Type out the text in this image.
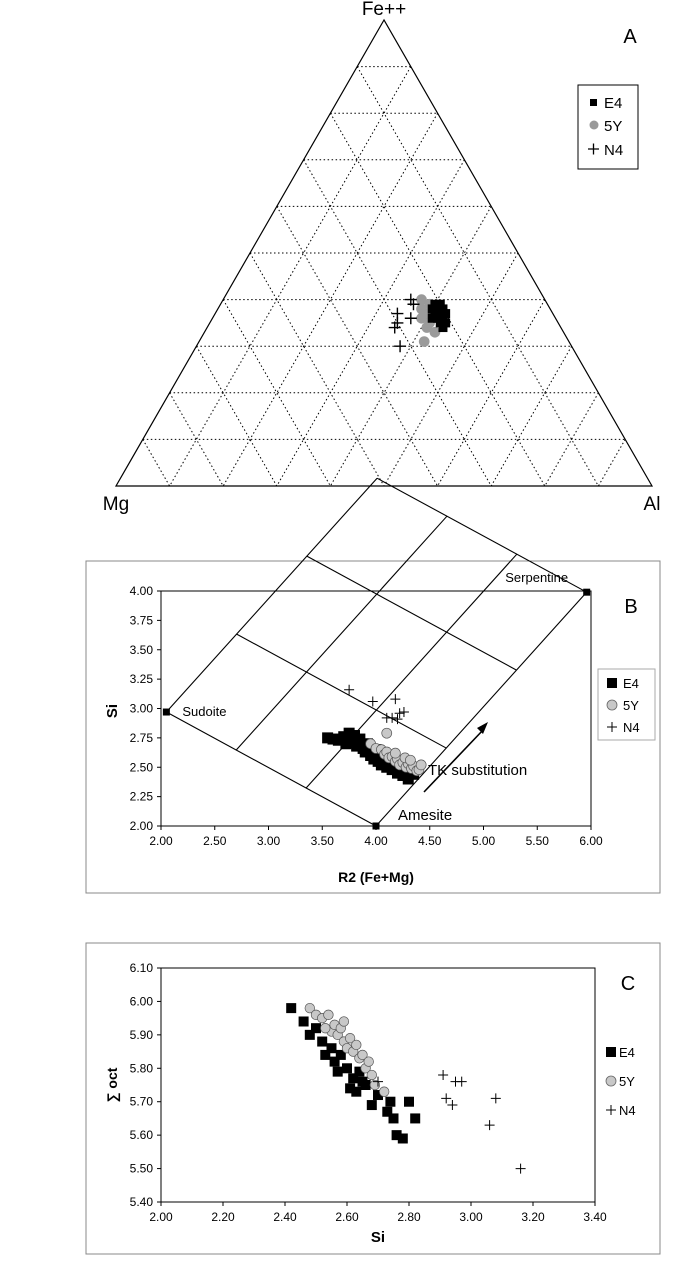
Fe++
Mg	Al
A
E4
5Y
N4
2.00	2.50	3.00	3.50	4.00	4.50	5.00	5.50	6.00
2.00
2.25
2.50
2.75
3.00
3.25
3.50
3.75
4.00
Sudoite
Serpentine
Amesite
R2 (Fe+Mg)
Si
B
TK substitution
E4
5Y
N4
2.00	2.20	2.40	2.60	2.80	3.00	3.20	3.40
5.40
5.50
5.60
5.70
5.80
5.90
6.00
6.10
Si
∑ oct
C
E4
5Y
N4
